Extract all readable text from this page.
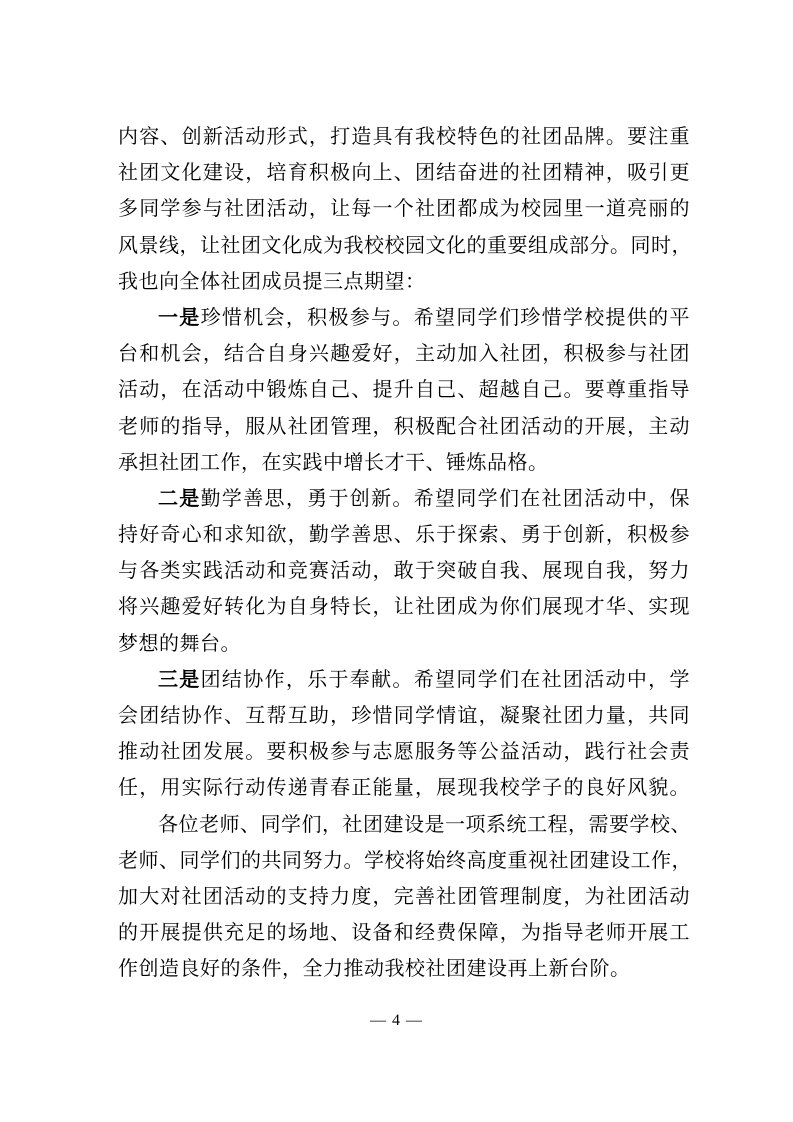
内容、创新活动形式，打造具有我校特色的社团品牌。要注重
社团文化建设，培育积极向上、团结奋进的社团精神，吸引更
多同学参与社团活动，让每一个社团都成为校园里一道亮丽的
风景线，让社团文化成为我校校园文化的重要组成部分。同时，
我也向全体社团成员提三点期望：
一是珍惜机会，积极参与。希望同学们珍惜学校提供的平
台和机会，结合自身兴趣爱好，主动加入社团，积极参与社团
活动，在活动中锻炼自己、提升自己、超越自己。要尊重指导
老师的指导，服从社团管理，积极配合社团活动的开展，主动
承担社团工作，在实践中增长才干、锤炼品格。
二是勤学善思，勇于创新。希望同学们在社团活动中，保
持好奇心和求知欲，勤学善思、乐于探索、勇于创新，积极参
与各类实践活动和竞赛活动，敢于突破自我、展现自我，努力
将兴趣爱好转化为自身特长，让社团成为你们展现才华、实现
梦想的舞台。
三是团结协作，乐于奉献。希望同学们在社团活动中，学
会团结协作、互帮互助，珍惜同学情谊，凝聚社团力量，共同
推动社团发展。要积极参与志愿服务等公益活动，践行社会责
任，用实际行动传递青春正能量，展现我校学子的良好风貌。
各位老师、同学们，社团建设是一项系统工程，需要学校、
老师、同学们的共同努力。学校将始终高度重视社团建设工作，
加大对社团活动的支持力度，完善社团管理制度，为社团活动
的开展提供充足的场地、设备和经费保障，为指导老师开展工
作创造良好的条件，全力推动我校社团建设再上新台阶。
— 4 —
